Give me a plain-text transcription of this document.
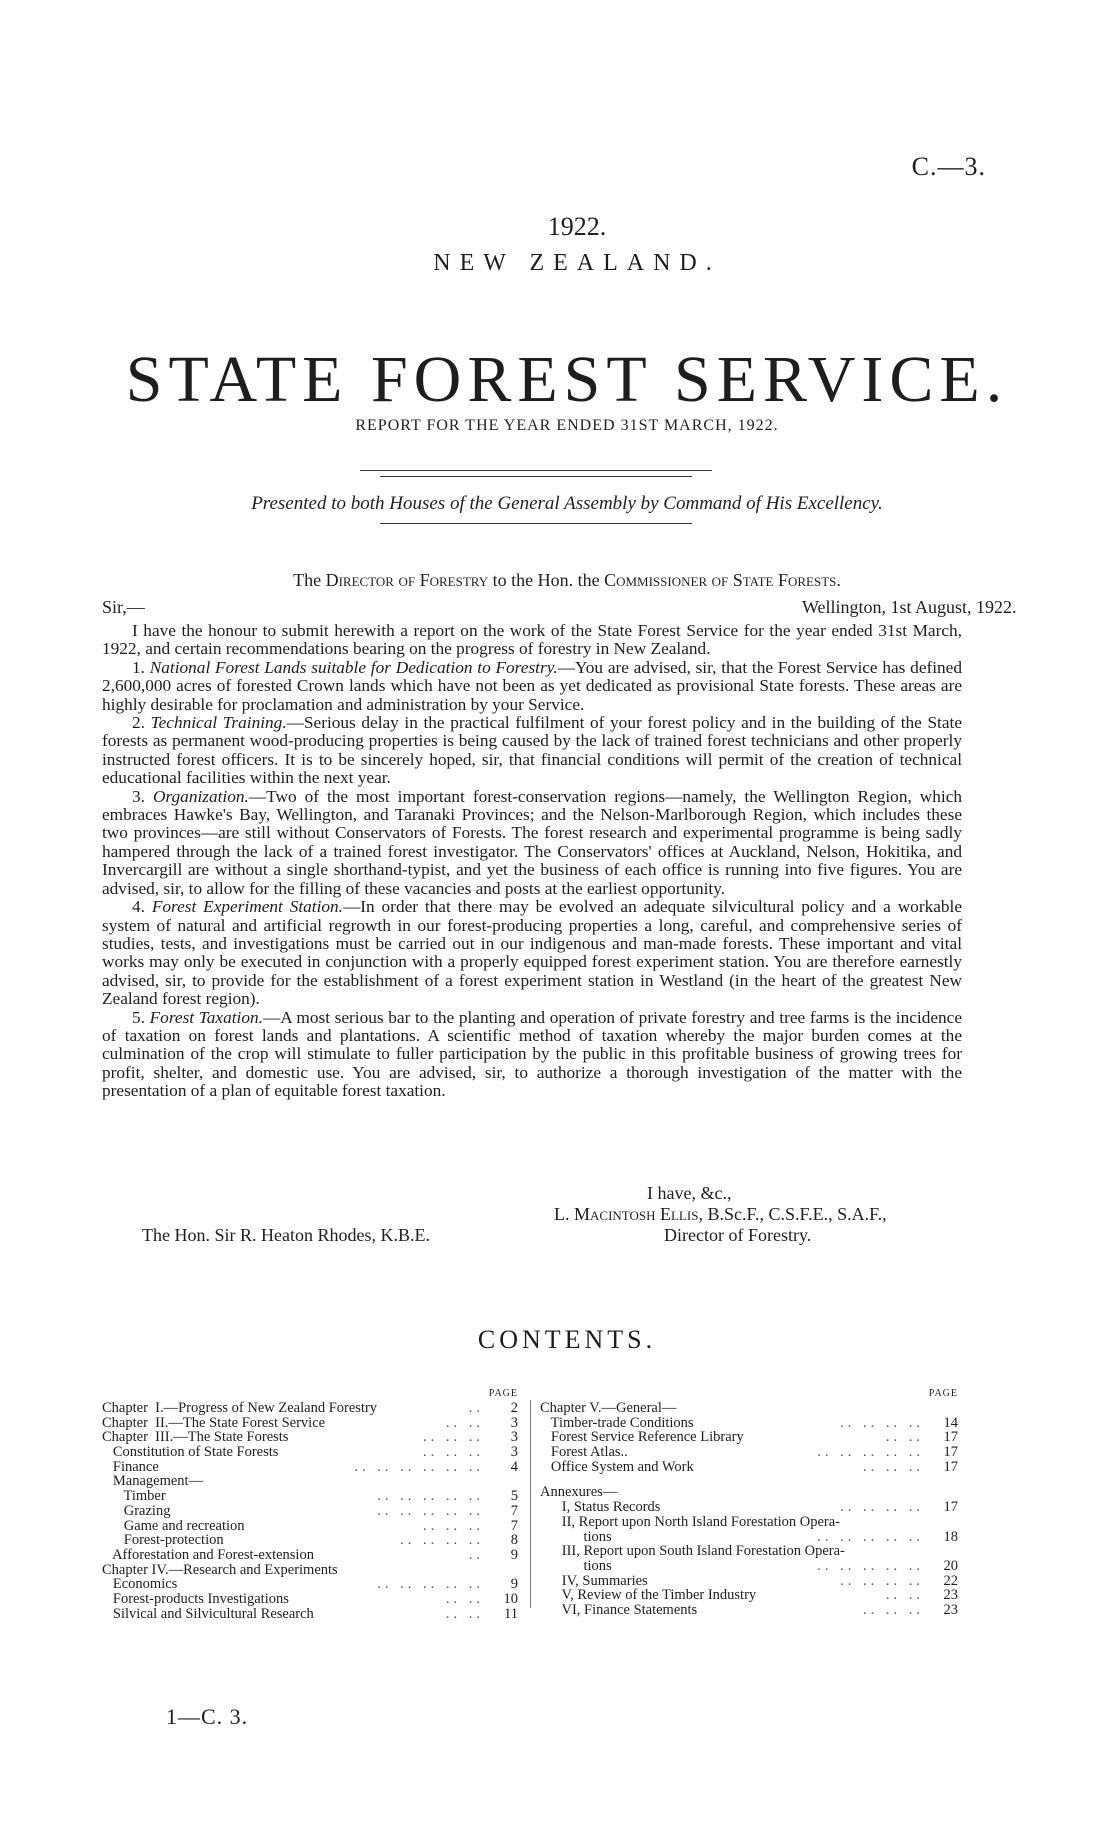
C.—3.
1922.
NEW ZEALAND.
STATE FOREST SERVICE.
REPORT FOR THE YEAR ENDED 31ST MARCH, 1922.
Presented to both Houses of the General Assembly by Command of His Excellency.
The Director of Forestry to the Hon. the Commissioner of State Forests.
Sir,—	Wellington, 1st August, 1922.

I have the honour to submit herewith a report on the work of the State Forest Service for the year ended 31st March, 1922, and certain recommendations bearing on the progress of forestry in New Zealand.

1. National Forest Lands suitable for Dedication to Forestry.—You are advised, sir, that the Forest Service has defined 2,600,000 acres of forested Crown lands which have not been as yet dedicated as provisional State forests. These areas are highly desirable for proclamation and administration by your Service.

2. Technical Training.—Serious delay in the practical fulfilment of your forest policy and in the building of the State forests as permanent wood-producing properties is being caused by the lack of trained forest technicians and other properly instructed forest officers. It is to be sincerely hoped, sir, that financial conditions will permit of the creation of technical educational facilities within the next year.

3. Organization.—Two of the most important forest-conservation regions—namely, the Wellington Region, which embraces Hawke's Bay, Wellington, and Taranaki Provinces; and the Nelson-Marlborough Region, which includes these two provinces—are still without Conservators of Forests. The forest research and experimental programme is being sadly hampered through the lack of a trained forest investigator. The Conservators' offices at Auckland, Nelson, Hokitika, and Invercargill are without a single shorthand-typist, and yet the business of each office is running into five figures. You are advised, sir, to allow for the filling of these vacancies and posts at the earliest opportunity.

4. Forest Experiment Station.—In order that there may be evolved an adequate silvicultural policy and a workable system of natural and artificial regrowth in our forest-producing properties a long, careful, and comprehensive series of studies, tests, and investigations must be carried out in our indigenous and man-made forests. These important and vital works may only be executed in conjunction with a properly equipped forest experiment station. You are therefore earnestly advised, sir, to provide for the establishment of a forest experiment station in Westland (in the heart of the greatest New Zealand forest region).

5. Forest Taxation.—A most serious bar to the planting and operation of private forestry and tree farms is the incidence of taxation on forest lands and plantations. A scientific method of taxation whereby the major burden comes at the culmination of the crop will stimulate to fuller participation by the public in this profitable business of growing trees for profit, shelter, and domestic use. You are advised, sir, to authorize a thorough investigation of the matter with the presentation of a plan of equitable forest taxation.

I have, &c.,
L. Macintosh Ellis, B.Sc.F., C.S.F.E., S.A.F.,
Director of Forestry.
The Hon. Sir R. Heaton Rhodes, K.B.E.
CONTENTS.
PAGE
Chapter  I.—Progress of New Zealand Forestry	..	2
Chapter  II.—The State Forest Service	.. ..	3
Chapter  III.—The State Forests	.. .. ..	3
Constitution of State Forests	.. .. ..	3
Finance	.. .. .. .. .. ..	4
Management—
Timber	.. .. .. .. ..	5
Grazing	.. .. .. .. ..	7
Game and recreation	.. .. ..	7
Forest-protection	.. .. .. ..	8
Afforestation and Forest-extension	..	9
Chapter IV.—Research and Experiments
Economics	.. .. .. .. ..	9
Forest-products Investigations	.. ..	10
Silvical and Silvicultural Research	.. ..	11
PAGE
Chapter V.—General—
Timber-trade Conditions	.. .. .. ..	14
Forest Service Reference Library	.. ..	17
Forest Atlas..	.. .. .. .. ..	17
Office System and Work	.. .. ..	17
Annexures—
I, Status Records	.. .. .. ..	17
II, Report upon North Island Forestation Opera-
tions	.. .. .. .. ..	18
III, Report upon South Island Forestation Opera-
tions	.. .. .. .. ..	20
IV, Summaries	.. .. .. ..	22
V, Review of the Timber Industry	.. ..	23
VI, Finance Statements	.. .. ..	23
1—C. 3.
